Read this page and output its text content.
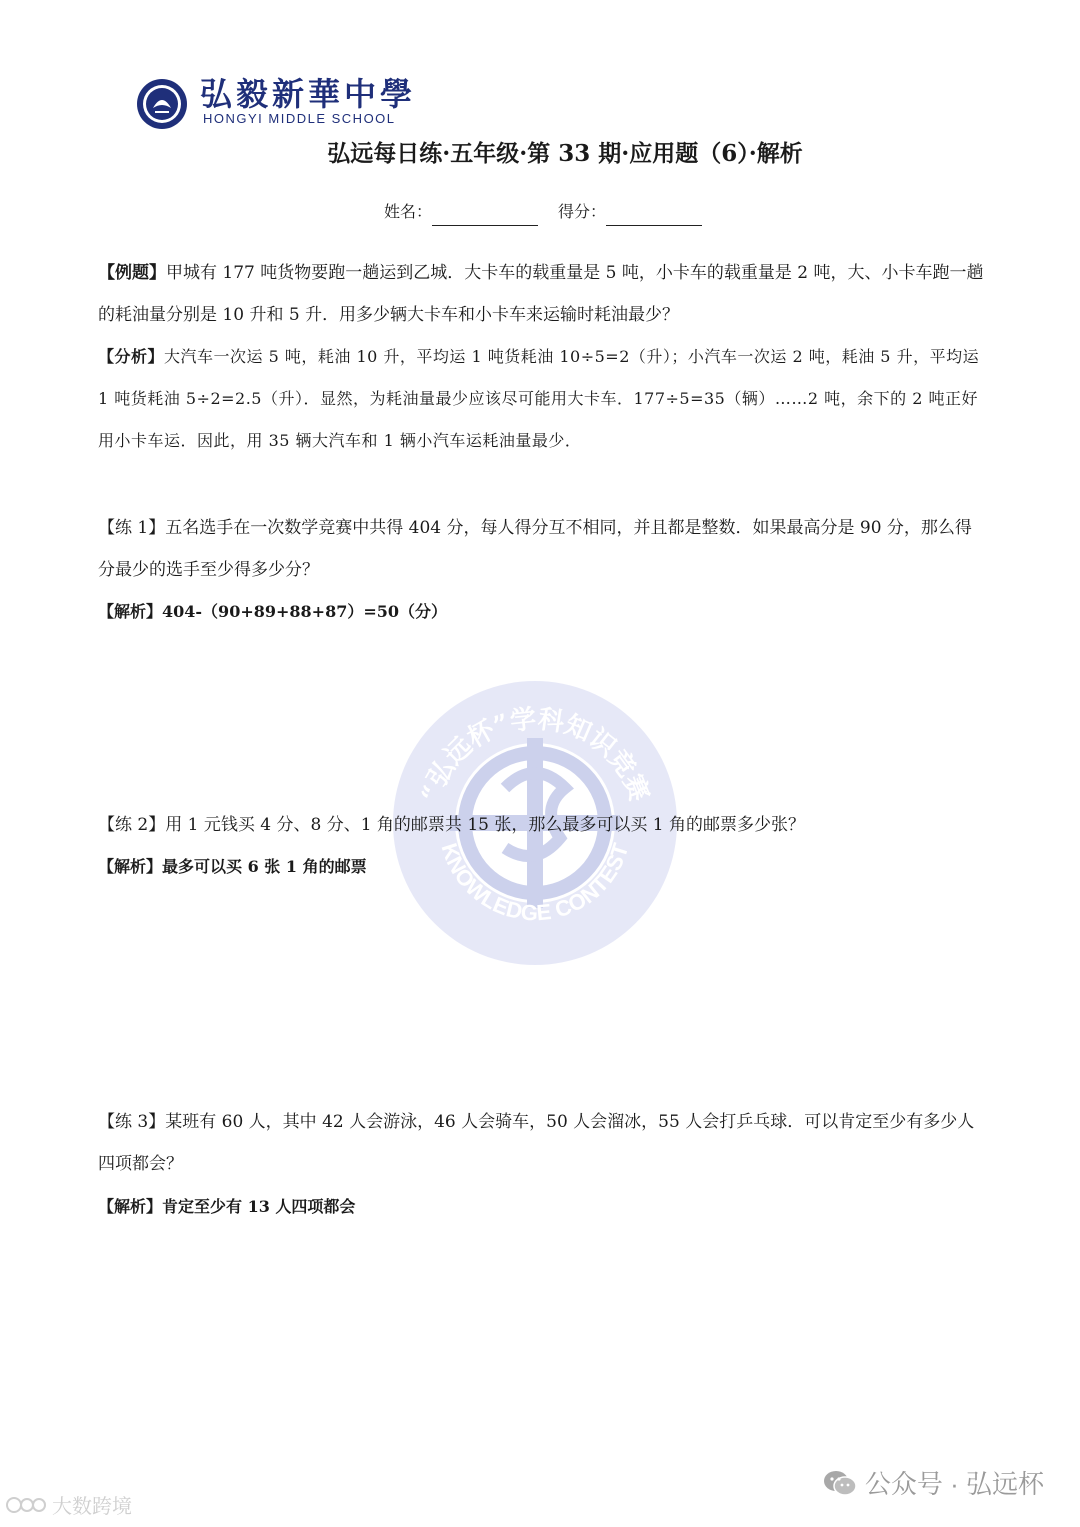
弘毅新華中學
HONGYI MIDDLE SCHOOL
弘远每日练·五年级·第 33 期·应用题（6）·解析
姓名：	得分：
“弘远杯”学科知识竞赛
KNOWLEDGE CONTEST
【例题】甲城有 177 吨货物要跑一趟运到乙城．大卡车的载重量是 5 吨，小卡车的载重量是 2 吨，大、小卡车跑一趟的耗油量分别是 10 升和 5 升．用多少辆大卡车和小卡车来运输时耗油最少？
【分析】大汽车一次运 5 吨，耗油 10 升，平均运 1 吨货耗油 10÷5=2（升）；小汽车一次运 2 吨，耗油 5 升，平均运 1 吨货耗油 5÷2=2.5（升）．显然，为耗油量最少应该尽可能用大卡车．177÷5=35（辆）……2 吨，余下的 2 吨正好用小卡车运．因此，用 35 辆大汽车和 1 辆小汽车运耗油量最少．
【练 1】五名选手在一次数学竞赛中共得 404 分，每人得分互不相同，并且都是整数．如果最高分是 90 分，那么得分最少的选手至少得多少分？
【解析】404-（90+89+88+87）=50（分）
【练 2】用 1 元钱买 4 分、8 分、1 角的邮票共 15 张，那么最多可以买 1 角的邮票多少张？
【解析】最多可以买 6 张 1 角的邮票
【练 3】某班有 60 人，其中 42 人会游泳，46 人会骑车，50 人会溜冰，55 人会打乒乓球．可以肯定至少有多少人四项都会？
【解析】肯定至少有 13 人四项都会
公众号 · 弘远杯
大数跨境
